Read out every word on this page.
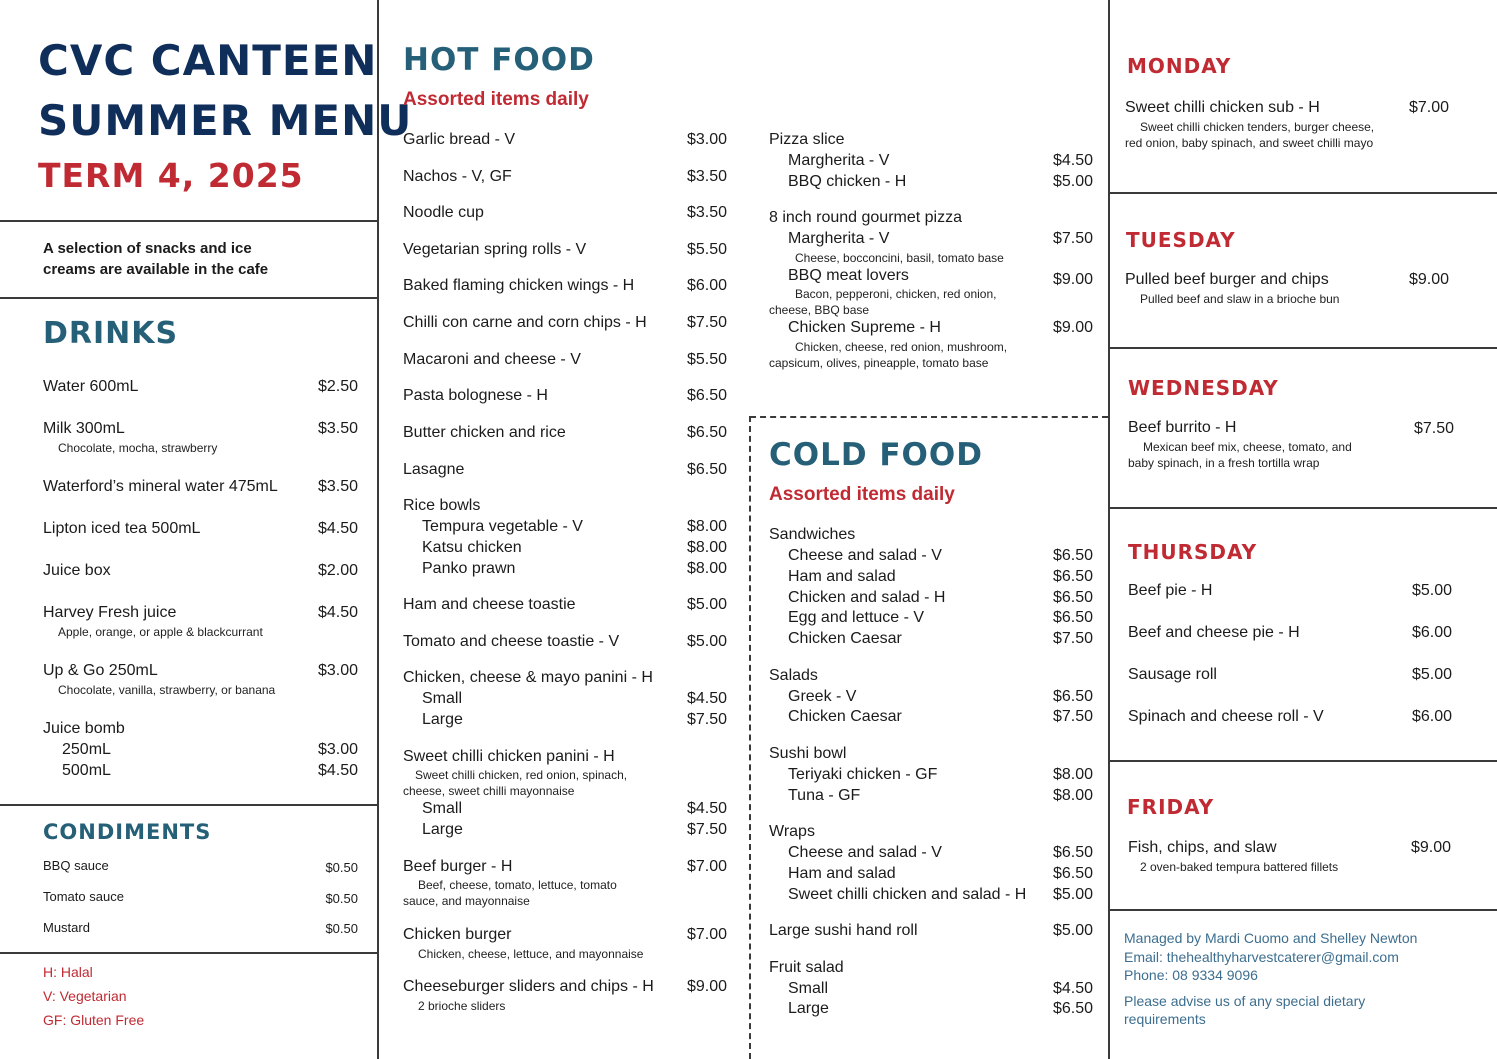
CVC CANTEEN
SUMMER MENU
TERM 4, 2025
A selection of snacks and ice
creams are available in the cafe
DRINKS
Water 600mL	$2.50
Milk 300mL	$3.50
Chocolate, mocha, strawberry
Waterford’s mineral water 475mL	$3.50
Lipton iced tea 500mL	$4.50
Juice box	$2.00
Harvey Fresh juice	$4.50
Apple, orange, or apple & blackcurrant
Up & Go 250mL	$3.00
Chocolate, vanilla, strawberry, or banana
Juice bomb
250mL	$3.00
500mL	$4.50
CONDIMENTS
BBQ sauce	$0.50
Tomato sauce	$0.50
Mustard	$0.50
H: Halal
V: Vegetarian
GF: Gluten Free
HOT FOOD
Assorted items daily
Garlic bread - V	$3.00
Nachos - V, GF	$3.50
Noodle cup	$3.50
Vegetarian spring rolls - V	$5.50
Baked flaming chicken wings - H	$6.00
Chilli con carne and corn chips - H	$7.50
Macaroni and cheese - V	$5.50
Pasta bolognese - H	$6.50
Butter chicken and rice	$6.50
Lasagne	$6.50
Rice bowls
Tempura vegetable - V	$8.00
Katsu chicken	$8.00
Panko prawn	$8.00
Ham and cheese toastie	$5.00
Tomato and cheese toastie - V	$5.00
Chicken, cheese & mayo panini - H
Small	$4.50
Large	$7.50
Sweet chilli chicken panini - H
Sweet chilli chicken, red onion, spinach,
cheese, sweet chilli mayonnaise
Small	$4.50
Large	$7.50
Beef burger - H	$7.00
Beef, cheese, tomato, lettuce, tomato
sauce, and mayonnaise
Chicken burger	$7.00
Chicken, cheese, lettuce, and mayonnaise
Cheeseburger sliders and chips - H	$9.00
2 brioche sliders
Pizza slice
Margherita - V	$4.50
BBQ chicken - H	$5.00
8 inch round gourmet pizza
Margherita - V	$7.50
Cheese, bocconcini, basil, tomato base
BBQ meat lovers	$9.00
Bacon, pepperoni, chicken, red onion,
cheese, BBQ base
Chicken Supreme - H	$9.00
Chicken, cheese, red onion, mushroom,
capsicum, olives, pineapple, tomato base
COLD FOOD
Assorted items daily
Sandwiches
Cheese and salad - V	$6.50
Ham and salad	$6.50
Chicken and salad - H	$6.50
Egg and lettuce - V	$6.50
Chicken Caesar	$7.50
Salads
Greek - V	$6.50
Chicken Caesar	$7.50
Sushi bowl
Teriyaki chicken - GF	$8.00
Tuna - GF	$8.00
Wraps
Cheese and salad - V	$6.50
Ham and salad	$6.50
Sweet chilli chicken and salad - H	$5.00
Large sushi hand roll	$5.00
Fruit salad
Small	$4.50
Large	$6.50
MONDAY
Sweet chilli chicken sub - H	$7.00
Sweet chilli chicken tenders, burger cheese,
red onion, baby spinach, and sweet chilli mayo
TUESDAY
Pulled beef burger and chips	$9.00
Pulled beef and slaw in a brioche bun
WEDNESDAY
Beef burrito - H	$7.50
Mexican beef mix, cheese, tomato, and
baby spinach, in a fresh tortilla wrap
THURSDAY
Beef pie - H	$5.00
Beef and cheese pie - H	$6.00
Sausage roll	$5.00
Spinach and cheese roll - V	$6.00
FRIDAY
Fish, chips, and slaw	$9.00
2 oven-baked tempura battered fillets
Managed by Mardi Cuomo and Shelley Newton
Email: thehealthyharvestcaterer@gmail.com
Phone: 08 9334 9096
Please advise us of any special dietary
requirements
